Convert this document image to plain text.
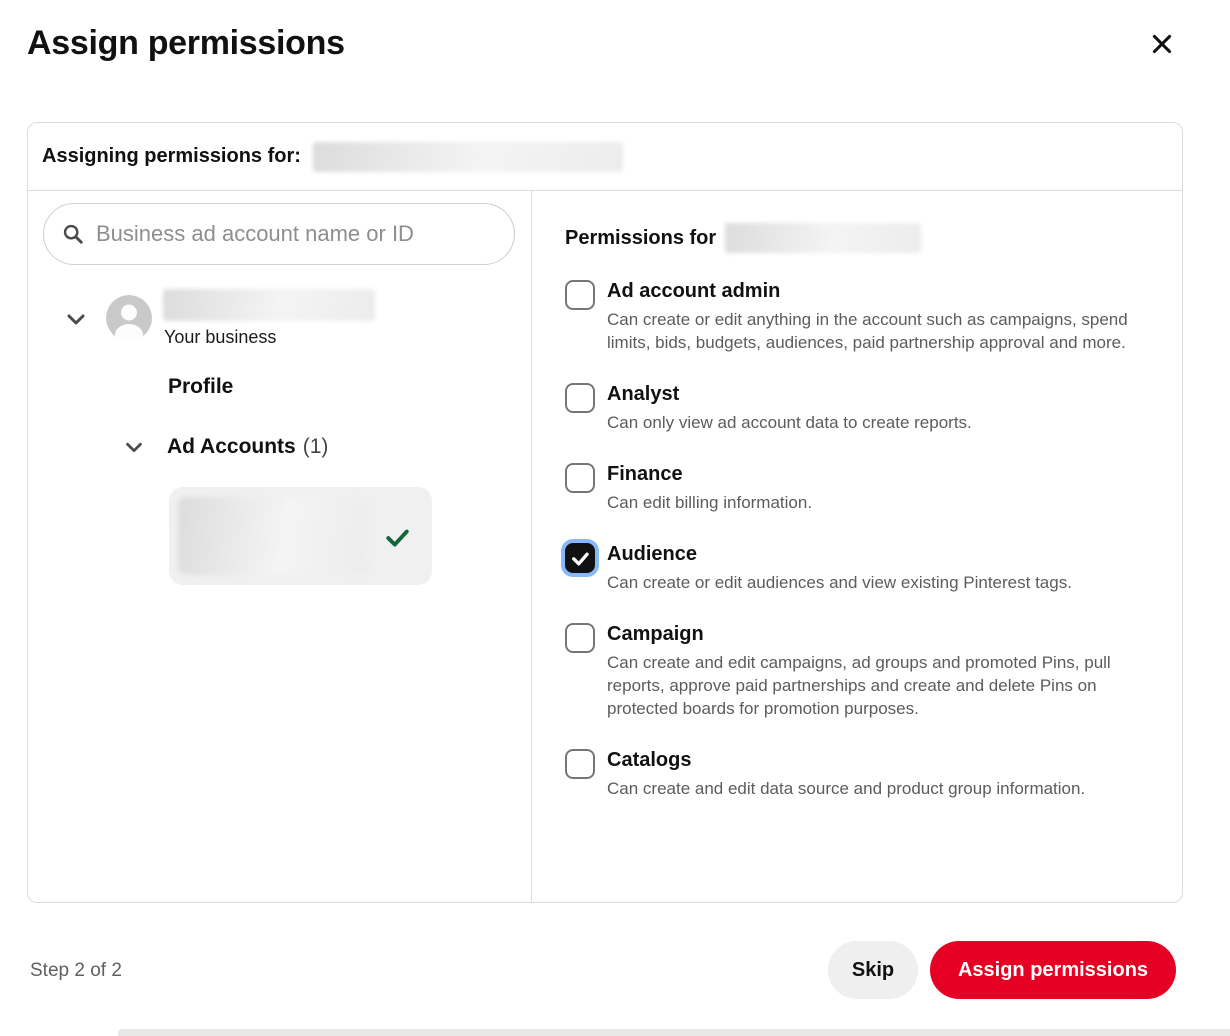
Assign permissions
Assigning permissions for:
Business ad account name or ID
Your business
Profile
Ad Accounts (1)
Permissions for
Ad account admin
Can create or edit anything in the account such as campaigns, spend limits, bids, budgets, audiences, paid partnership approval and more.
Analyst
Can only view ad account data to create reports.
Finance
Can edit billing information.
Audience
Can create or edit audiences and view existing Pinterest tags.
Campaign
Can create and edit campaigns, ad groups and promoted Pins, pull reports, approve paid partnerships and create and delete Pins on protected boards for promotion purposes.
Catalogs
Can create and edit data source and product group information.
Step 2 of 2	Skip	Assign permissions
